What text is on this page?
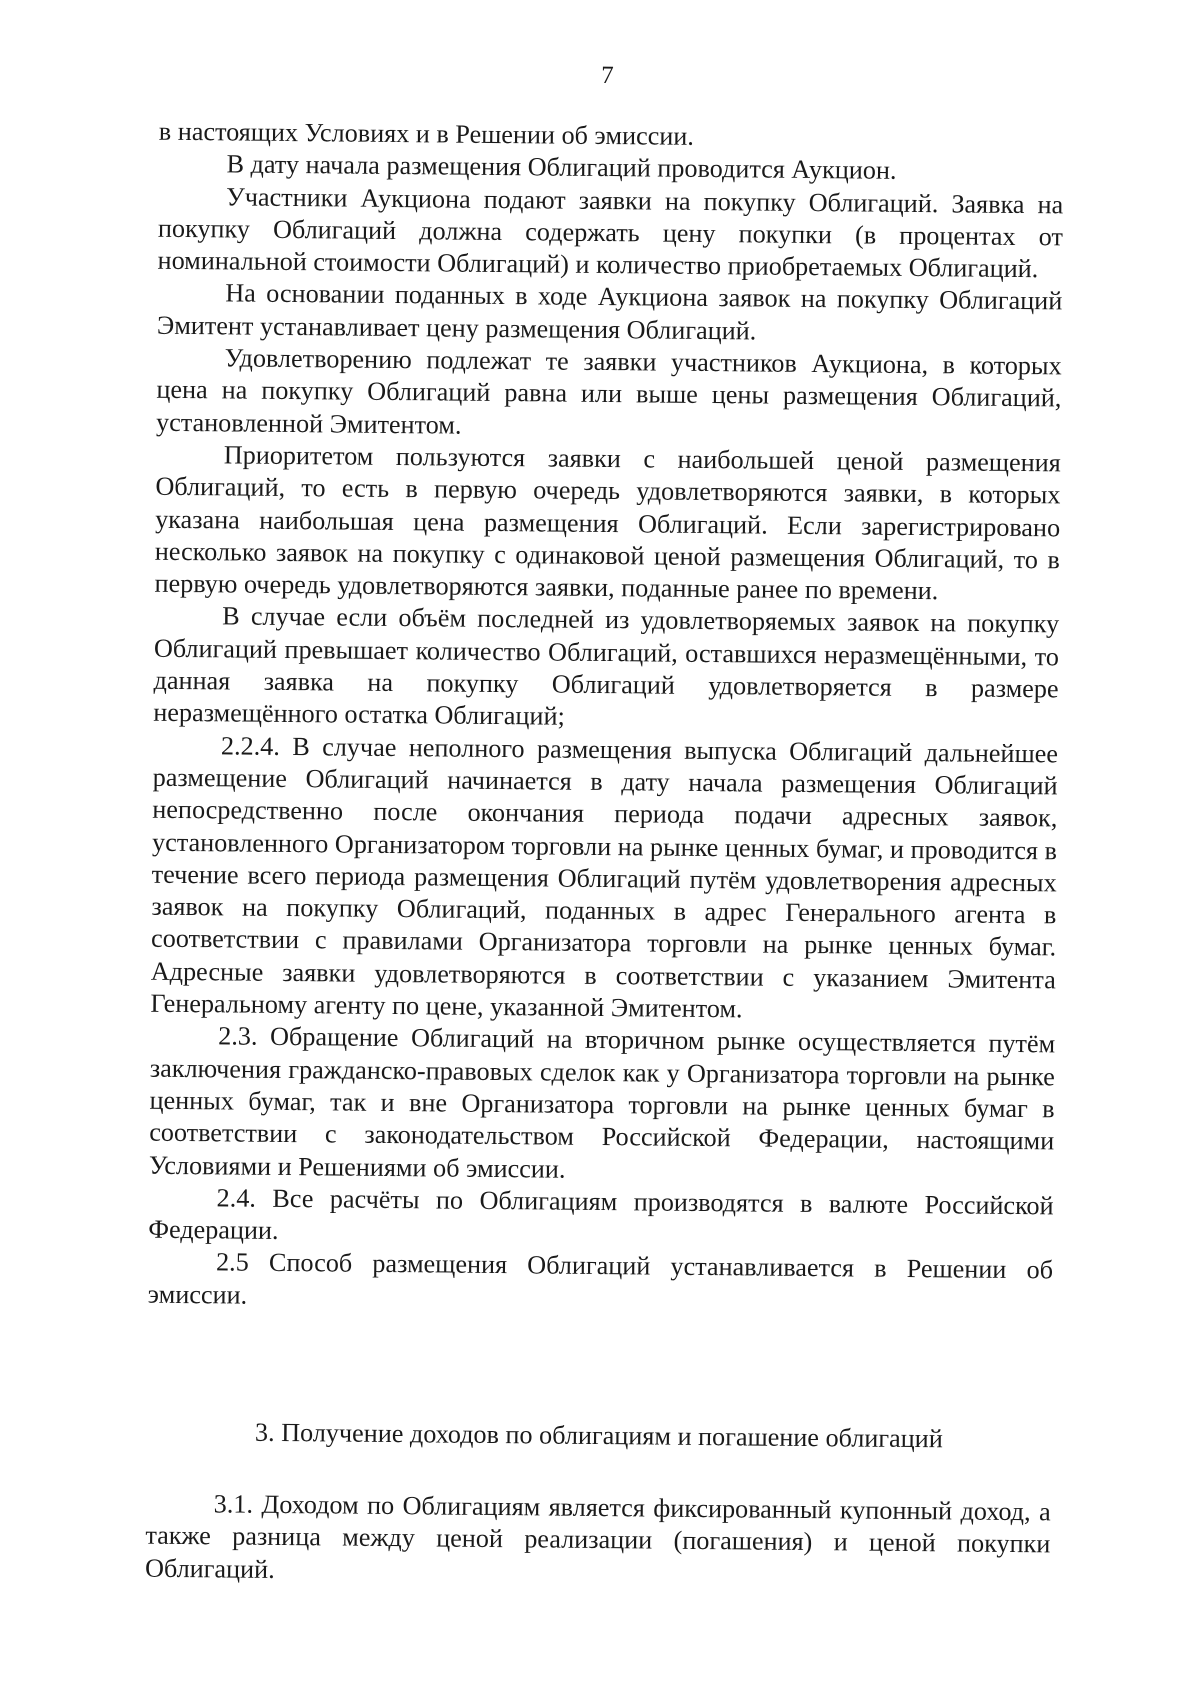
7

в настоящих Условиях и в Решении об эмиссии.

В дату начала размещения Облигаций проводится Аукцион.

Участники Аукциона подают заявки на покупку Облигаций. Заявка на покупку Облигаций должна содержать цену покупки (в процентах от номинальной стоимости Облигаций) и количество приобретаемых Облигаций.

На основании поданных в ходе Аукциона заявок на покупку Облигаций Эмитент устанавливает цену размещения Облигаций.

Удовлетворению подлежат те заявки участников Аукциона, в которых цена на покупку Облигаций равна или выше цены размещения Облигаций, установленной Эмитентом.

Приоритетом пользуются заявки с наибольшей ценой размещения Облигаций, то есть в первую очередь удовлетворяются заявки, в которых указана наибольшая цена размещения Облигаций. Если зарегистрировано несколько заявок на покупку с одинаковой ценой размещения Облигаций, то в первую очередь удовлетворяются заявки, поданные ранее по времени.

В случае если объём последней из удовлетворяемых заявок на покупку Облигаций превышает количество Облигаций, оставшихся неразмещёнными, то данная заявка на покупку Облигаций удовлетворяется в размере неразмещённого остатка Облигаций;

2.2.4. В случае неполного размещения выпуска Облигаций дальнейшее размещение Облигаций начинается в дату начала размещения Облигаций непосредственно после окончания периода подачи адресных заявок, установленного Организатором торговли на рынке ценных бумаг, и проводится в течение всего периода размещения Облигаций путём удовлетворения адресных заявок на покупку Облигаций, поданных в адрес Генерального агента в соответствии с правилами Организатора торговли на рынке ценных бумаг. Адресные заявки удовлетворяются в соответствии с указанием Эмитента Генеральному агенту по цене, указанной Эмитентом.

2.3. Обращение Облигаций на вторичном рынке осуществляется путём заключения гражданско-правовых сделок как у Организатора торговли на рынке ценных бумаг, так и вне Организатора торговли на рынке ценных бумаг в соответствии с законодательством Российской Федерации, настоящими Условиями и Решениями об эмиссии.

2.4. Все расчёты по Облигациям производятся в валюте Российской Федерации.

2.5 Способ размещения Облигаций устанавливается в Решении об эмиссии.

3. Получение доходов по облигациям и погашение облигаций

3.1. Доходом по Облигациям является фиксированный купонный доход, а также разница между ценой реализации (погашения) и ценой покупки Облигаций.
